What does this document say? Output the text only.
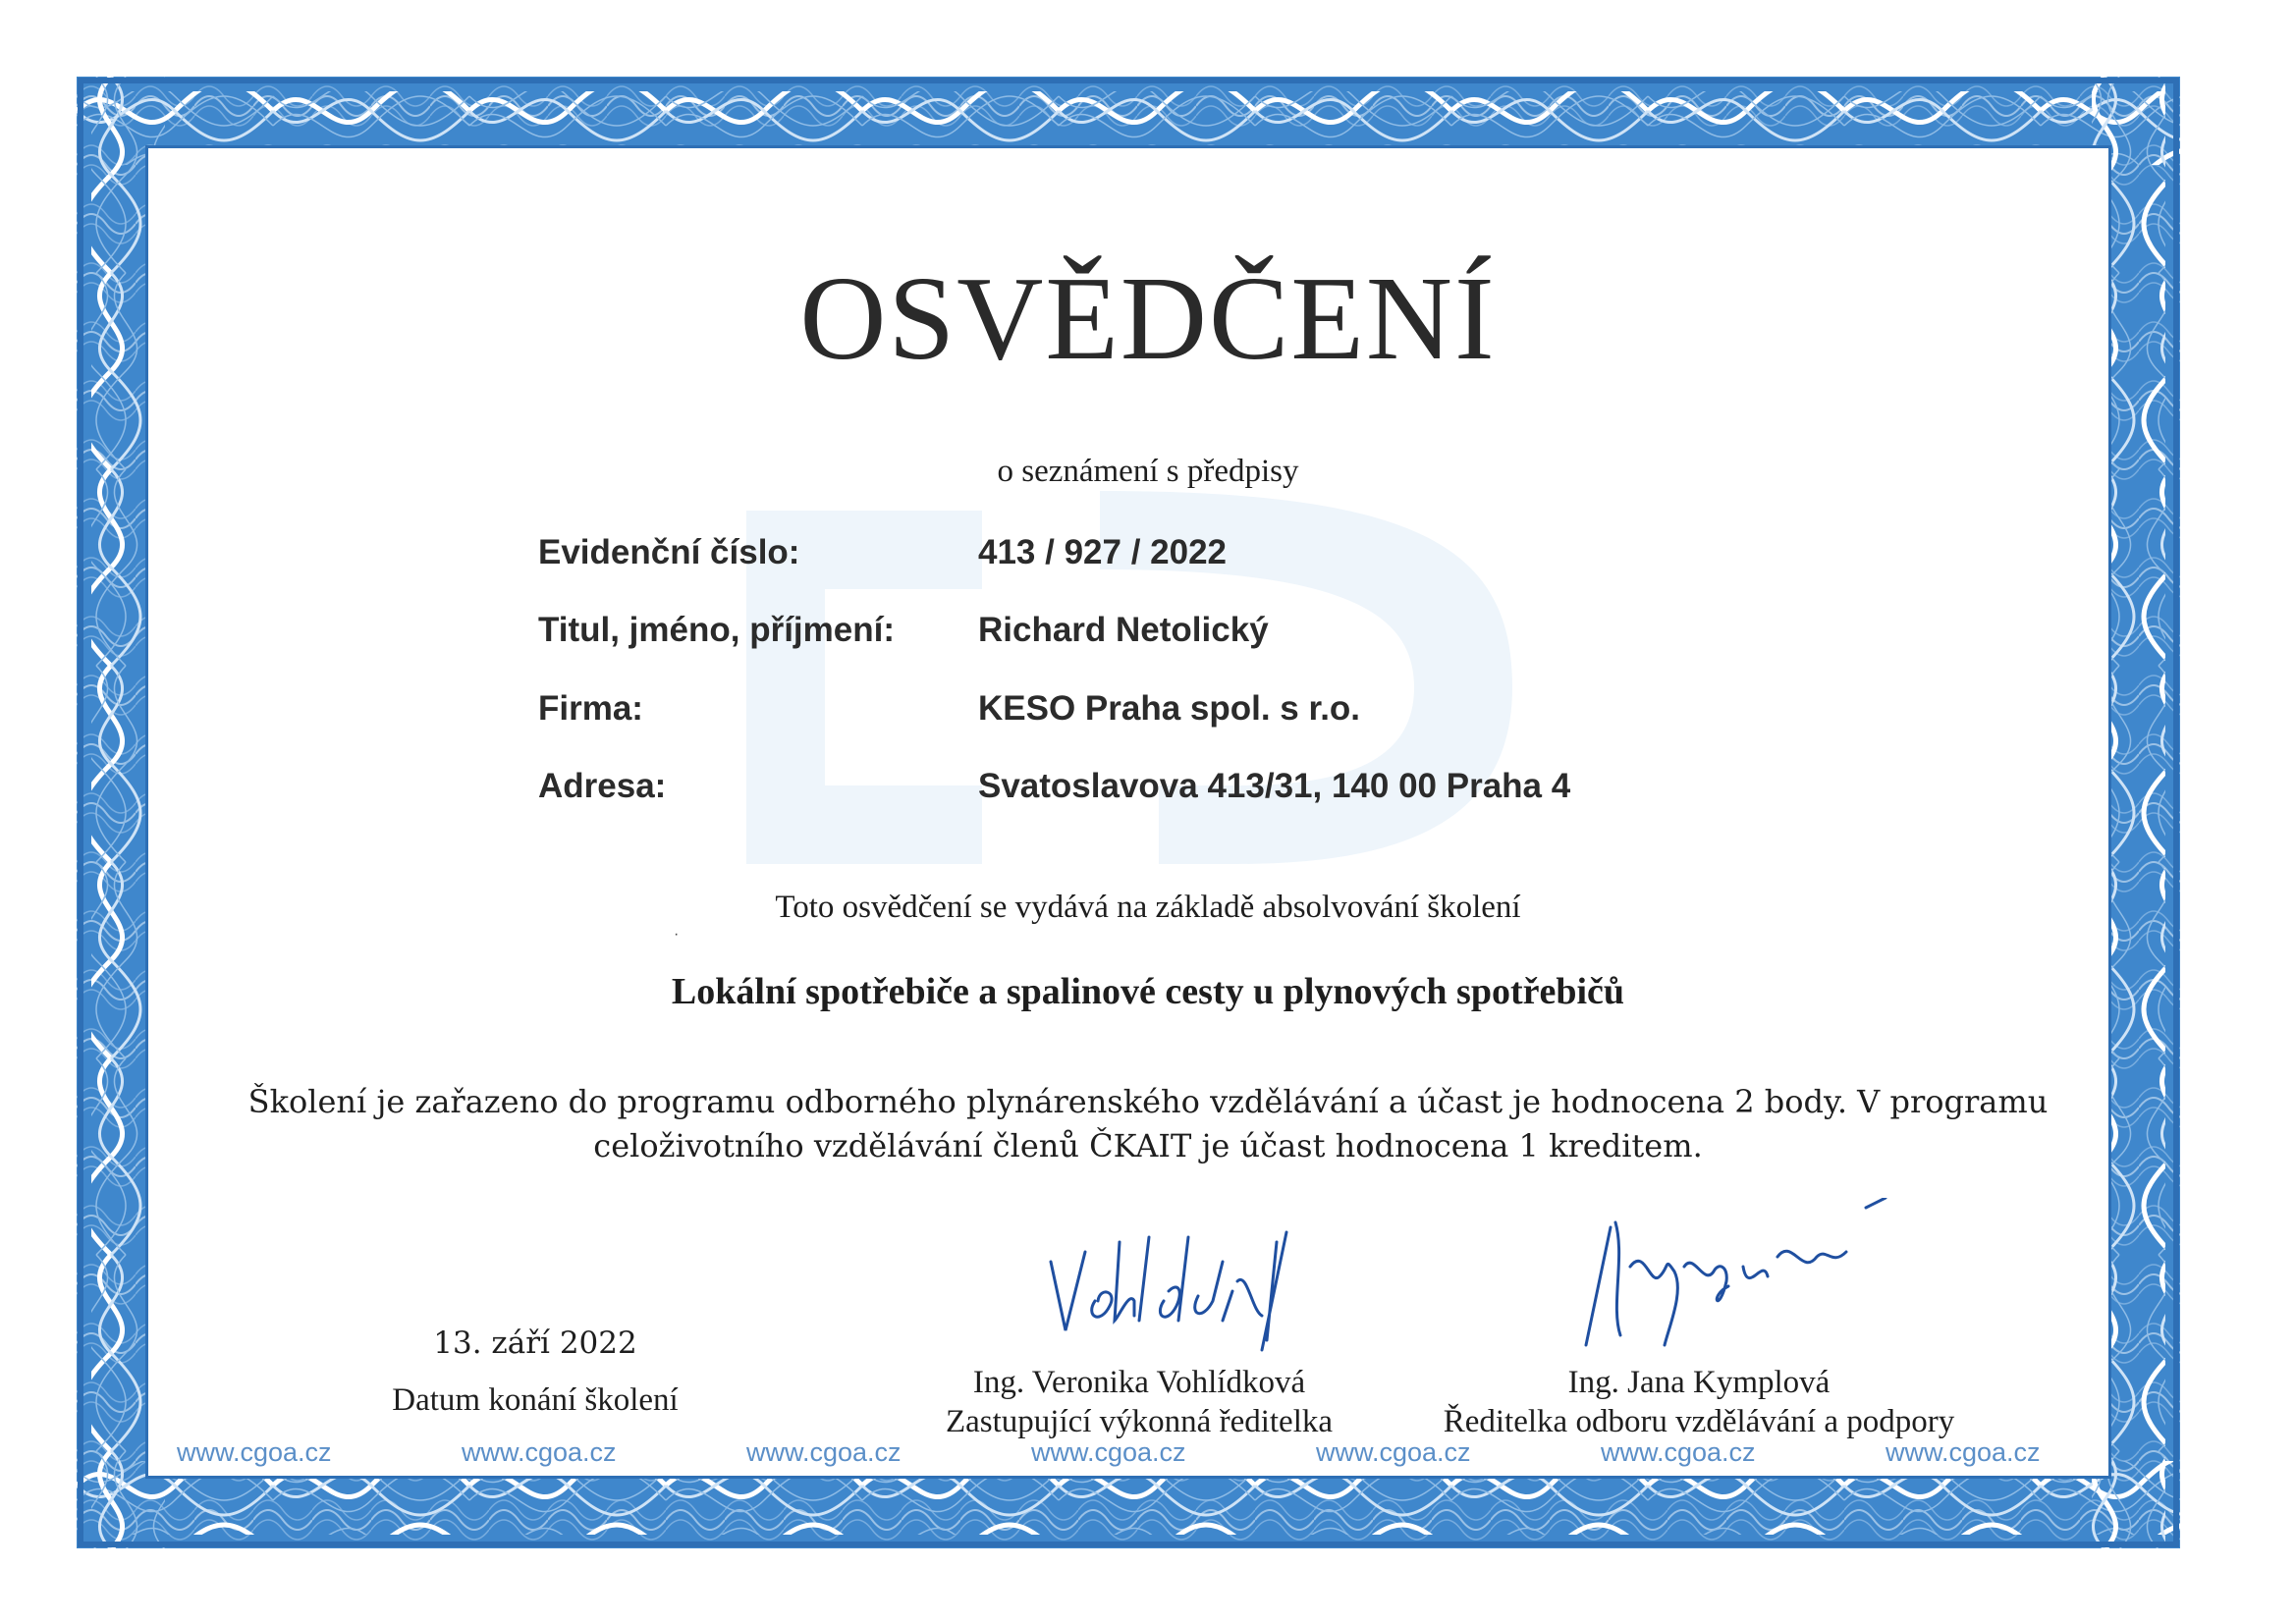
OSVĚDČENÍ
o seznámení s předpisy
Evidenční číslo:	413 / 927 / 2022
Titul, jméno, příjmení: Richard Netolický
Firma:	KESO Praha spol. s r.o.
Adresa:	Svatoslavova 413/31, 140 00 Praha 4
·
Toto osvědčení se vydává na základě absolvování školení
Lokální spotřebiče a spalinové cesty u plynových spotřebičů
Školení je zařazeno do programu odborného plynárenského vzdělávání a účast je hodnocena 2 body. V programu
celoživotního vzdělávání členů ČKAIT je účast hodnocena 1 kreditem.
13. září 2022
Datum konání školení	Ing. Veronika Vohlídková
Zastupující výkonná ředitelka
Ing. Jana Kymplová
Ředitelka odboru vzdělávání a podpory
www.cgoa.cz	www.cgoa.cz	www.cgoa.cz	www.cgoa.cz	www.cgoa.cz	www.cgoa.cz	www.cgoa.cz
